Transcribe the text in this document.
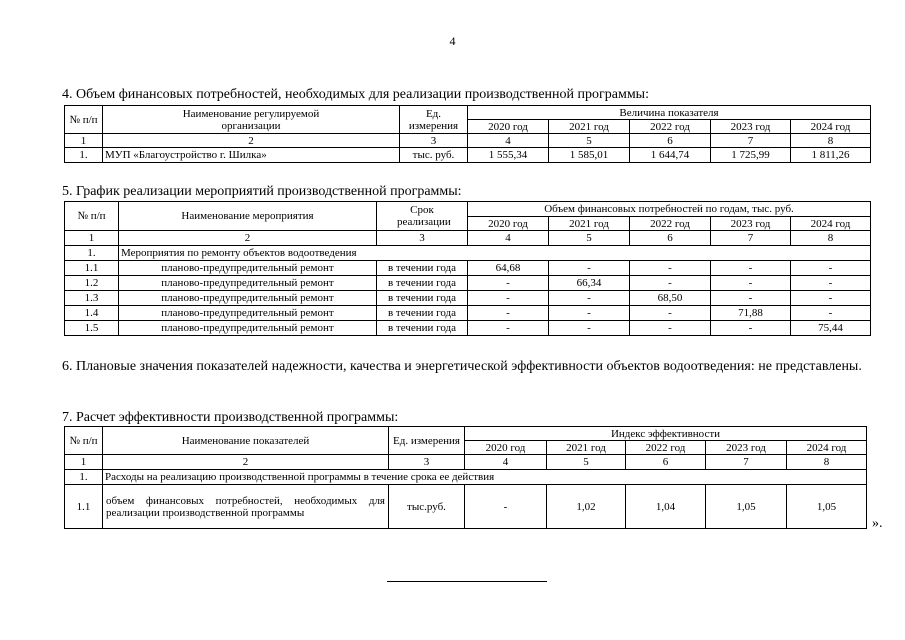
4
4. Объем финансовых потребностей, необходимых для реализации производственной программы:
№ п/п	Наименование регулируемой организации	Ед. измерения	Величина показателя				
			2020 год	2021 год	2022 год	2023 год	2024 год
1	2	3	4	5	6	7	8
1.	МУП «Благоустройство г. Шилка»	тыс. руб.	1 555,34	1 585,01	1 644,74	1 725,99	1 811,26
5. График реализации мероприятий производственной программы:
№ п/п	Наименование мероприятия	Срок реализации	Объем финансовых потребностей по годам, тыс. руб.				
			2020 год	2021 год	2022 год	2023 год	2024 год
1	2	3	4	5	6	7	8
1.	Мероприятия по ремонту объектов водоотведения						
1.1	планово-предупредительный ремонт	в течении года	64,68	-	-	-	-
1.2	планово-предупредительный ремонт	в течении года	-	66,34	-	-	-
1.3	планово-предупредительный ремонт	в течении года	-	-	68,50	-	-
1.4	планово-предупредительный ремонт	в течении года	-	-	-	71,88	-
1.5	планово-предупредительный ремонт	в течении года	-	-	-	-	75,44
6. Плановые значения показателей надежности, качества и энергетической эффективности объектов водоотведения: не представлены.
7. Расчет эффективности производственной программы:
№ п/п	Наименование показателей	Ед. измерения	Индекс эффективности				
			2020 год	2021 год	2022 год	2023 год	2024 год
1	2	3	4	5	6	7	8
1.	Расходы на реализацию производственной программы в течение срока ее действия						
1.1	объем финансовых потребностей, необходимых для реализации производственной программы	тыс.руб.	-	1,02	1,04	1,05	1,05
».
